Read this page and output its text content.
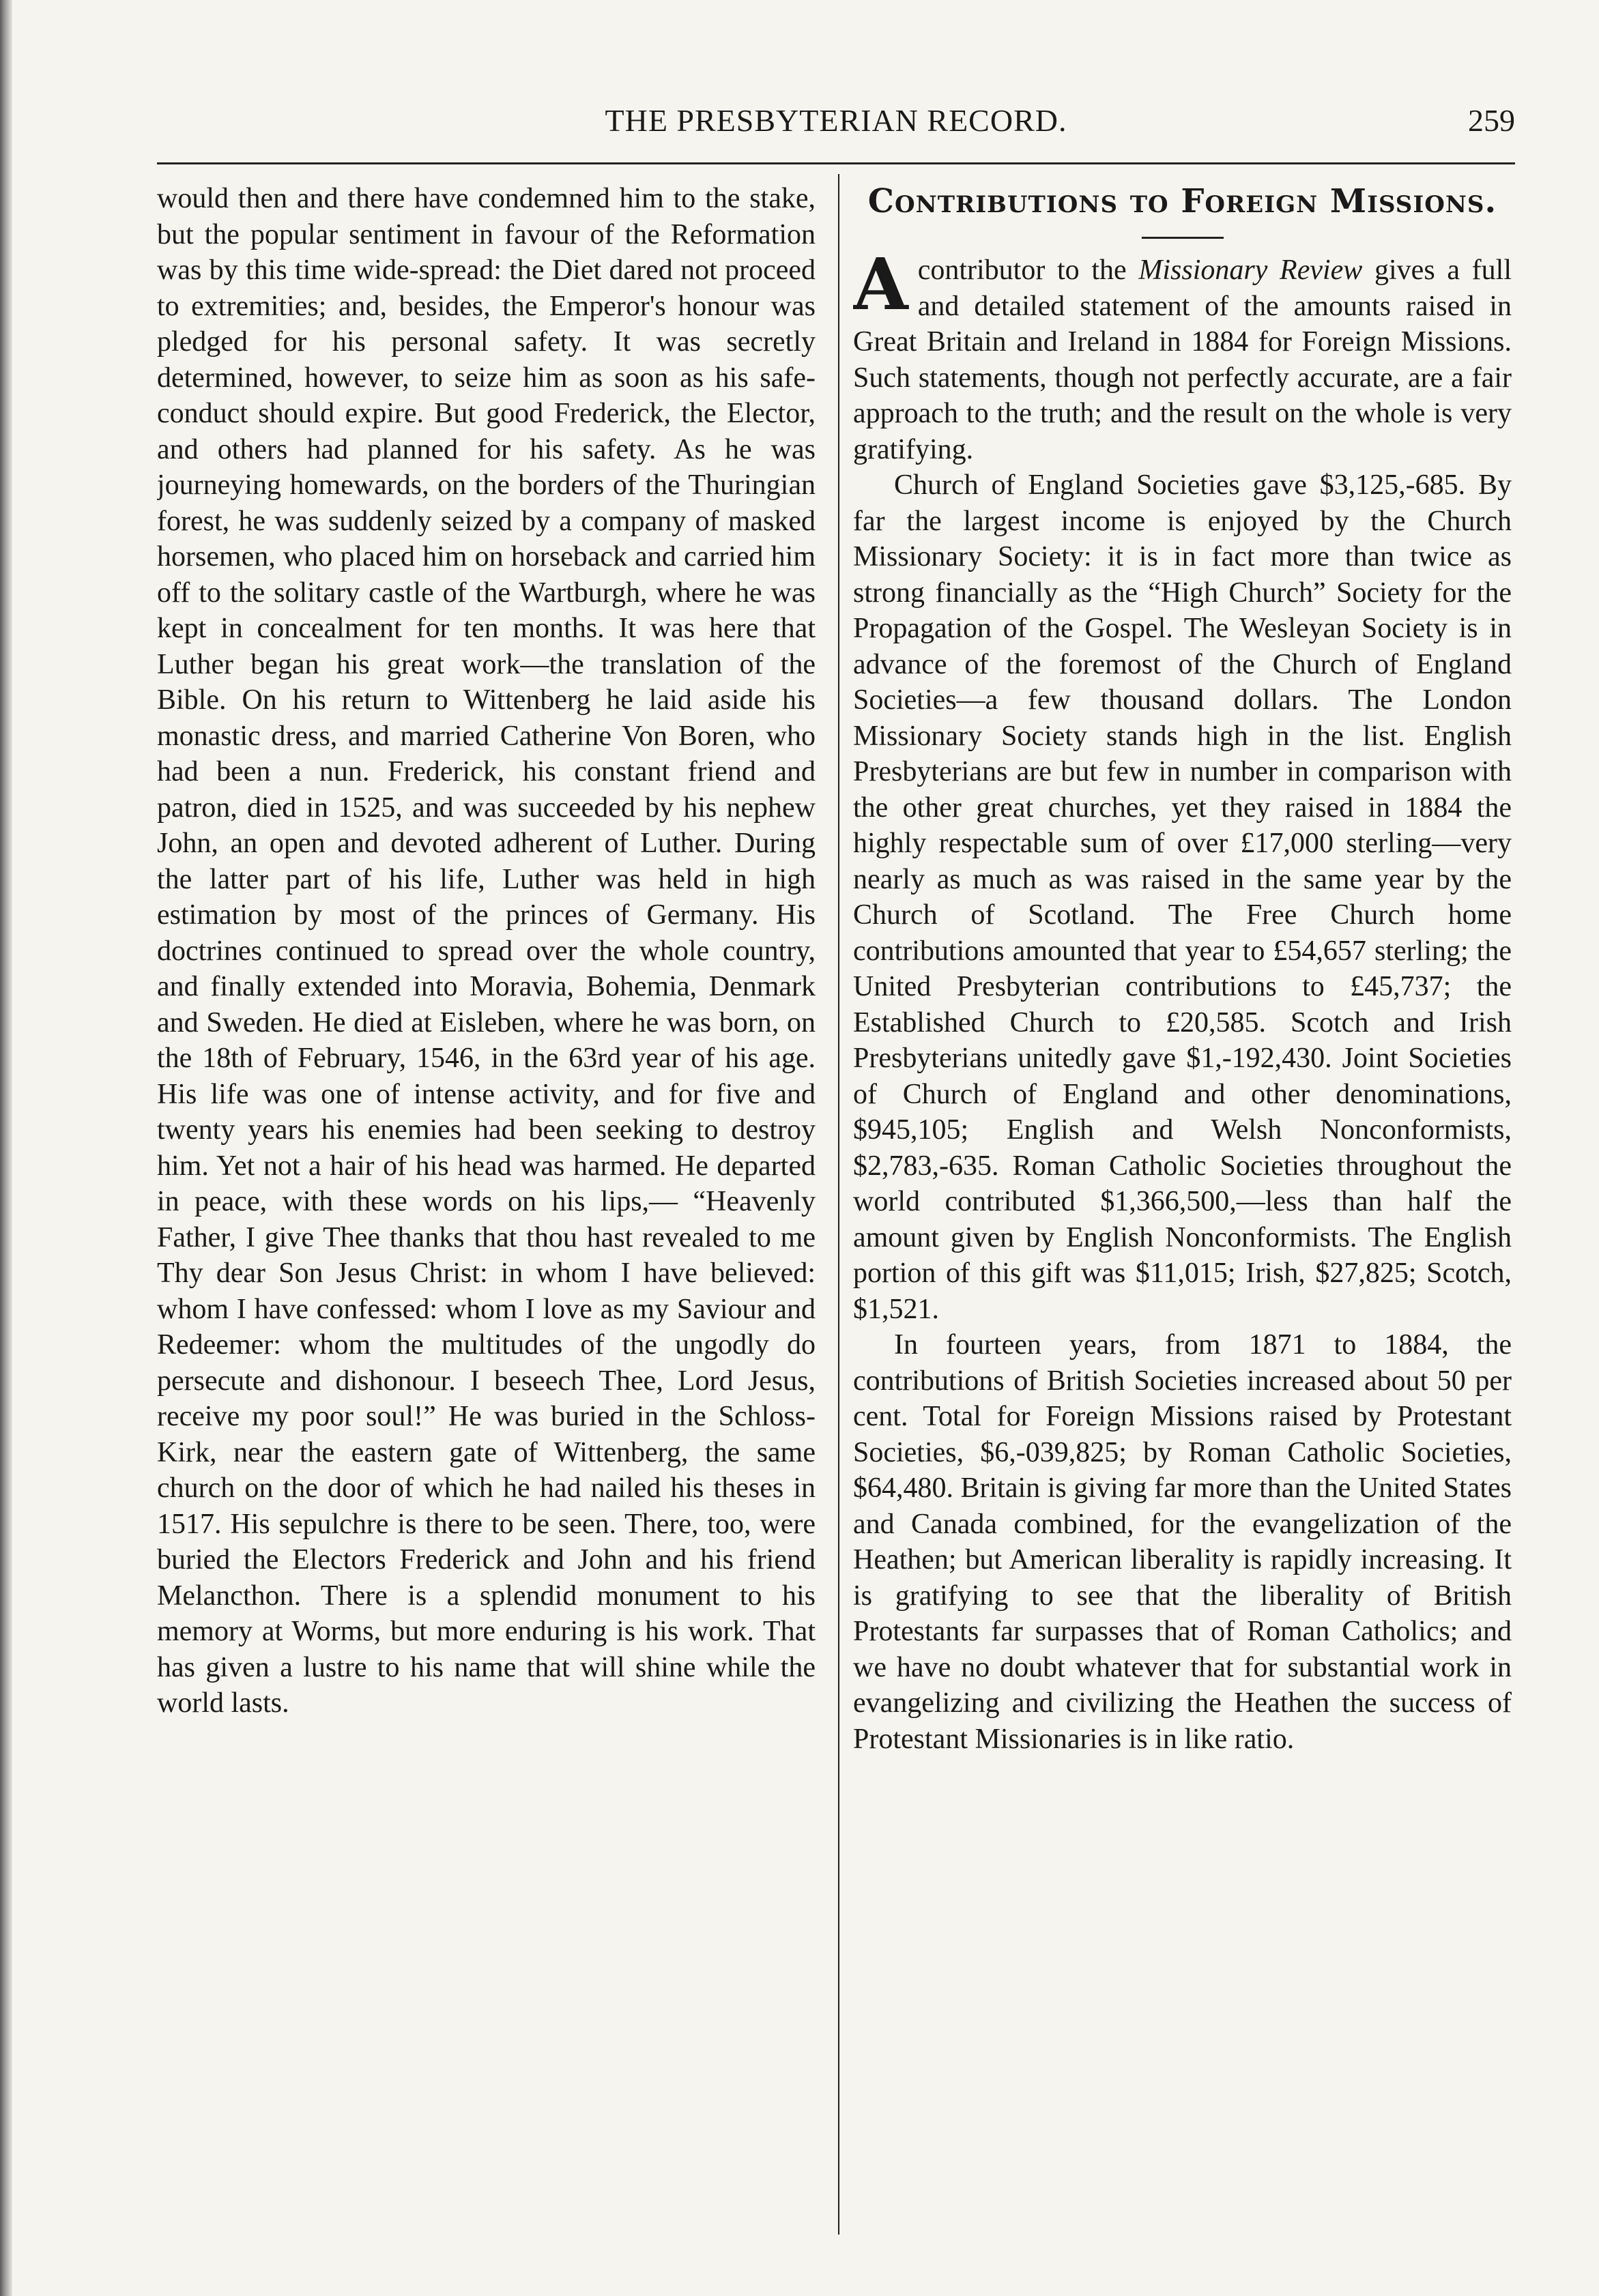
THE PRESBYTERIAN RECORD.	259

would then and there have condemned him to the stake, but the popular sentiment in favour of the Reformation was by this time wide-spread: the Diet dared not proceed to extremities; and, besides, the Emperor's honour was pledged for his personal safety. It was secretly determined, however, to seize him as soon as his safe-conduct should expire. But good Frederick, the Elector, and others had planned for his safety. As he was journeying homewards, on the borders of the Thuringian forest, he was suddenly seized by a company of masked horsemen, who placed him on horseback and carried him off to the solitary castle of the Wartburgh, where he was kept in concealment for ten months. It was here that Luther began his great work—the translation of the Bible. On his return to Wittenberg he laid aside his monastic dress, and married Catherine Von Boren, who had been a nun. Frederick, his constant friend and patron, died in 1525, and was succeeded by his nephew John, an open and devoted adherent of Luther. During the latter part of his life, Luther was held in high estimation by most of the princes of Germany. His doctrines continued to spread over the whole country, and finally extended into Moravia, Bohemia, Denmark and Sweden. He died at Eisleben, where he was born, on the 18th of February, 1546, in the 63rd year of his age. His life was one of intense activity, and for five and twenty years his enemies had been seeking to destroy him. Yet not a hair of his head was harmed. He departed in peace, with these words on his lips,— “Heavenly Father, I give Thee thanks that thou hast revealed to me Thy dear Son Jesus Christ: in whom I have believed: whom I have confessed: whom I love as my Saviour and Redeemer: whom the multitudes of the ungodly do persecute and dishonour. I beseech Thee, Lord Jesus, receive my poor soul!” He was buried in the Schloss-Kirk, near the eastern gate of Wittenberg, the same church on the door of which he had nailed his theses in 1517. His sepulchre is there to be seen. There, too, were buried the Electors Frederick and John and his friend Melancthon. There is a splendid monument to his memory at Worms, but more enduring is his work. That has given a lustre to his name that will shine while the world lasts.

Contributions to Foreign Missions.

Acontributor to the Missionary Review gives a full and detailed statement of the amounts raised in Great Britain and Ireland in 1884 for Foreign Missions. Such statements, though not perfectly accurate, are a fair approach to the truth; and the result on the whole is very gratifying.

Church of England Societies gave $3,125,-685. By far the largest income is enjoyed by the Church Missionary Society: it is in fact more than twice as strong financially as the “High Church” Society for the Propagation of the Gospel. The Wesleyan Society is in advance of the foremost of the Church of England Societies—a few thousand dollars. The London Missionary Society stands high in the list. English Presbyterians are but few in number in comparison with the other great churches, yet they raised in 1884 the highly respectable sum of over £17,000 sterling—very nearly as much as was raised in the same year by the Church of Scotland. The Free Church home contributions amounted that year to £54,657 sterling; the United Presbyterian contributions to £45,737; the Established Church to £20,585. Scotch and Irish Presbyterians unitedly gave $1,-192,430. Joint Societies of Church of England and other denominations, $945,105; English and Welsh Nonconformists, $2,783,-635. Roman Catholic Societies throughout the world contributed $1,366,500,—less than half the amount given by English Nonconformists. The English portion of this gift was $11,015; Irish, $27,825; Scotch, $1,521.

In fourteen years, from 1871 to 1884, the contributions of British Societies increased about 50 per cent. Total for Foreign Missions raised by Protestant Societies, $6,-039,825; by Roman Catholic Societies, $64,480. Britain is giving far more than the United States and Canada combined, for the evangelization of the Heathen; but American liberality is rapidly increasing. It is gratifying to see that the liberality of British Protestants far surpasses that of Roman Catholics; and we have no doubt whatever that for substantial work in evangelizing and civilizing the Heathen the success of Protestant Missionaries is in like ratio.
